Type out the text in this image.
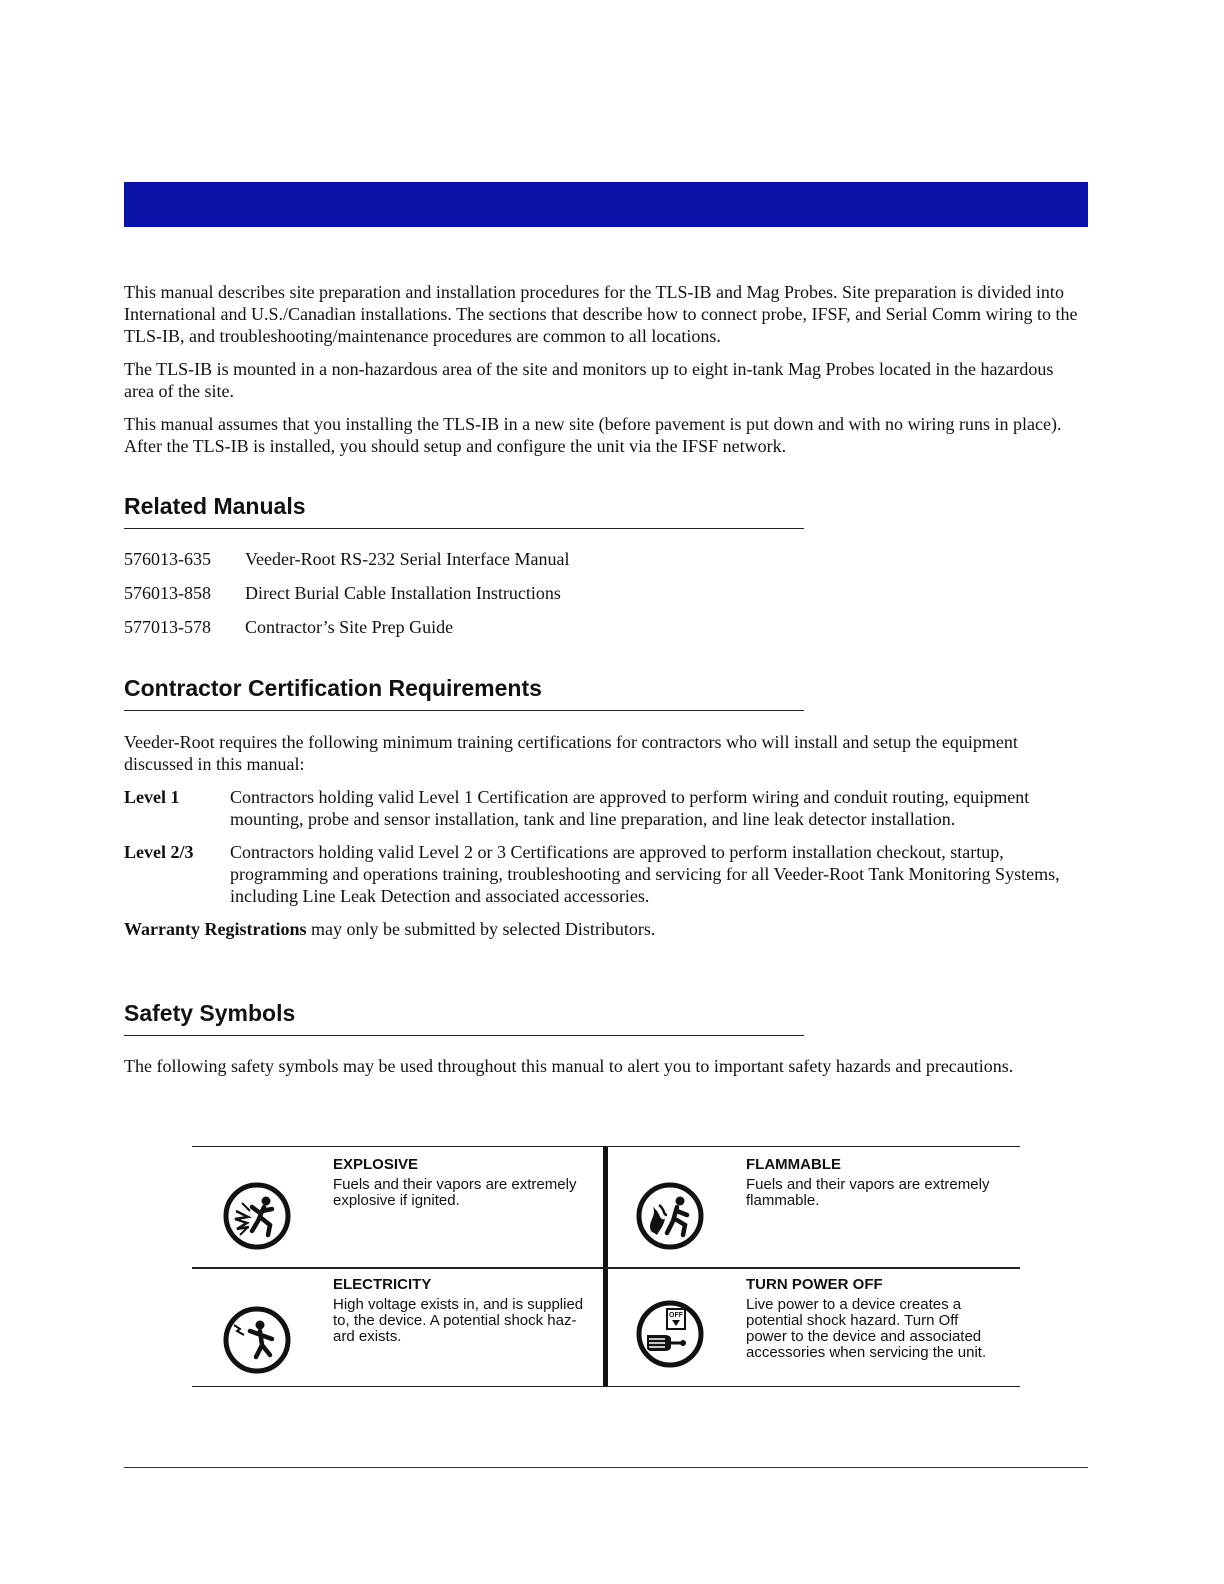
This manual describes site preparation and installation procedures for the TLS-IB and Mag Probes. Site preparation is divided into International and U.S./Canadian installations. The sections that describe how to connect probe, IFSF, and Serial Comm wiring to the TLS-IB, and troubleshooting/maintenance procedures are common to all locations.

The TLS-IB is mounted in a non-hazardous area of the site and monitors up to eight in-tank Mag Probes located in the hazardous area of the site.

This manual assumes that you installing the TLS-IB in a new site (before pavement is put down and with no wiring runs in place). After the TLS-IB is installed, you should setup and configure the unit via the IFSF network.

Related Manuals
576013-635	Veeder-Root RS-232 Serial Interface Manual
576013-858	Direct Burial Cable Installation Instructions
577013-578	Contractor’s Site Prep Guide
Contractor Certification Requirements

Veeder-Root requires the following minimum training certifications for contractors who will install and setup the equipment discussed in this manual:

Level 1	Contractors holding valid Level 1 Certification are approved to perform wiring and conduit routing, equipment mounting, probe and sensor installation, tank and line preparation, and line leak detector installation.
Level 2/3	Contractors holding valid Level 2 or 3 Certifications are approved to perform installation checkout, startup, programming and operations training, troubleshooting and servicing for all Veeder-Root Tank Monitoring Systems, including Line Leak Detection and associated accessories.

Warranty Registrations may only be submitted by selected Distributors.

Safety Symbols

The following safety symbols may be used throughout this manual to alert you to important safety hazards and precautions.

EXPLOSIVE
Fuels and their vapors are extremely
explosive if ignited.
FLAMMABLE
Fuels and their vapors are extremely
flammable.
ELECTRICITY
High voltage exists in, and is supplied
to, the device. A potential shock haz-
ard exists.
OFF
TURN POWER OFF
Live power to a device creates a
potential shock hazard. Turn Off
power to the device and associated
accessories when servicing the unit.
